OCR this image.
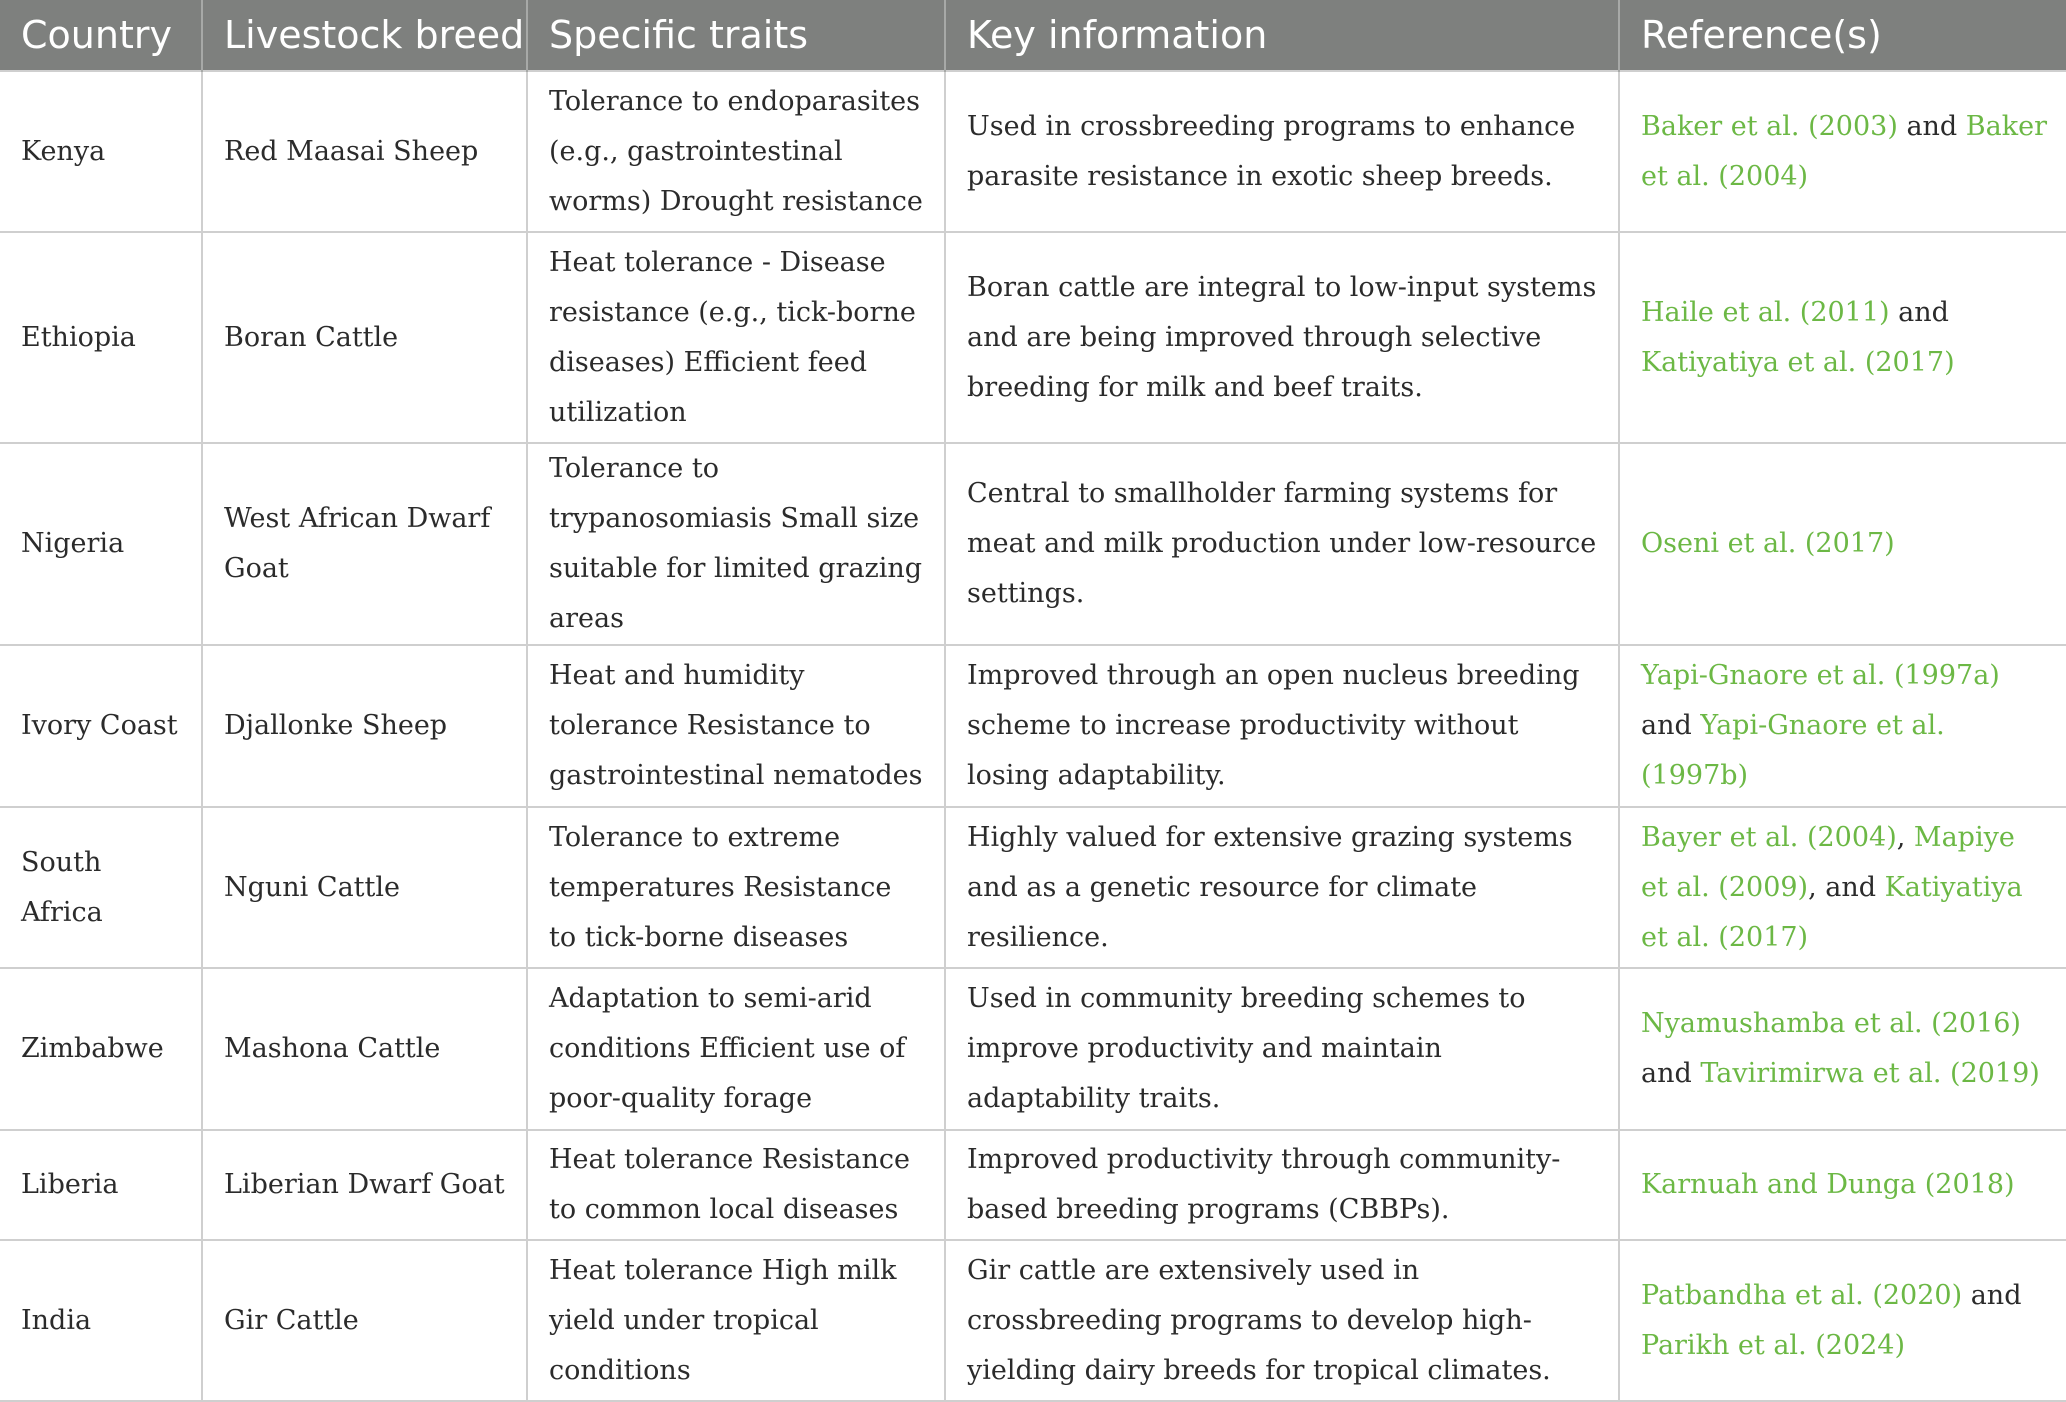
Country	Livestock breed	Specific traits	Key information	Reference(s)
Kenya	Red Maasai Sheep	Tolerance to endoparasites (e.g., gastrointestinal worms) Drought resistance	Used in crossbreeding programs to enhance parasite resistance in exotic sheep breeds.	Baker et al. (2003) and Baker et al. (2004)
Ethiopia	Boran Cattle	Heat tolerance - Disease resistance (e.g., tick-borne diseases) Efficient feed utilization	Boran cattle are integral to low-input systems and are being improved through selective breeding for milk and beef traits.	Haile et al. (2011) and Katiyatiya et al. (2017)
Nigeria	West African Dwarf Goat	Tolerance to trypanosomiasis Small size suitable for limited grazing areas	Central to smallholder farming systems for meat and milk production under low-resource settings.	Oseni et al. (2017)
Ivory Coast	Djallonke Sheep	Heat and humidity tolerance Resistance to gastrointestinal nematodes	Improved through an open nucleus breeding scheme to increase productivity without losing adaptability.	Yapi-Gnaore et al. (1997a) and Yapi-Gnaore et al. (1997b)
South Africa	Nguni Cattle	Tolerance to extreme temperatures Resistance to tick-borne diseases	Highly valued for extensive grazing systems and as a genetic resource for climate resilience.	Bayer et al. (2004), Mapiye et al. (2009), and Katiyatiya et al. (2017)
Zimbabwe	Mashona Cattle	Adaptation to semi-arid conditions Efficient use of poor-quality forage	Used in community breeding schemes to improve productivity and maintain adaptability traits.	Nyamushamba et al. (2016) and Tavirimirwa et al. (2019)
Liberia	Liberian Dwarf Goat	Heat tolerance Resistance to common local diseases	Improved productivity through community-based breeding programs (CBBPs).	Karnuah and Dunga (2018)
India	Gir Cattle	Heat tolerance High milk yield under tropical conditions	Gir cattle are extensively used in crossbreeding programs to develop high-yielding dairy breeds for tropical climates.	Patbandha et al. (2020) and Parikh et al. (2024)
